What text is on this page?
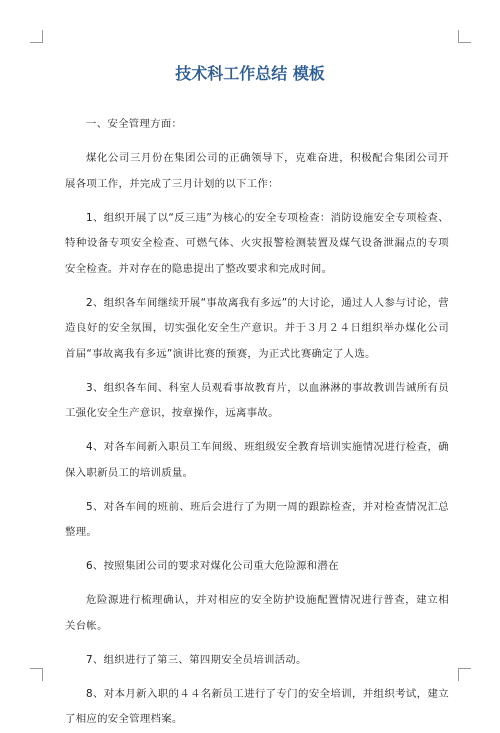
技术科工作总结 模板

一、安全管理方面：

煤化公司三月份在集团公司的正确领导下，克难奋进，积极配合集团公司开展各项工作，并完成了三月计划的以下工作：

1、组织开展了以“反三违”为核心的安全专项检查：消防设施安全专项检查、特种设备专项安全检查、可燃气体、火灾报警检测装置及煤气设备泄漏点的专项安全检查。并对存在的隐患提出了整改要求和完成时间。

2、组织各车间继续开展“事故离我有多远”的大讨论，通过人人参与讨论，营造良好的安全氛围，切实强化安全生产意识。并于３月２４日组织举办煤化公司首届“事故离我有多远”演讲比赛的预赛，为正式比赛确定了人选。

3、组织各车间、科室人员观看事故教育片，以血淋淋的事故教训告诫所有员工强化安全生产意识，按章操作，远离事故。

4、对各车间新入职员工车间级、班组级安全教育培训实施情况进行检查，确保入职新员工的培训质量。

5、对各车间的班前、班后会进行了为期一周的跟踪检查，并对检查情况汇总整理。

6、按照集团公司的要求对煤化公司重大危险源和潜在

危险源进行梳理确认，并对相应的安全防护设施配置情况进行普查，建立相关台帐。

7、组织进行了第三、第四期安全员培训活动。

8、对本月新入职的４４名新员工进行了专门的安全培训，并组织考试，建立了相应的安全管理档案。
